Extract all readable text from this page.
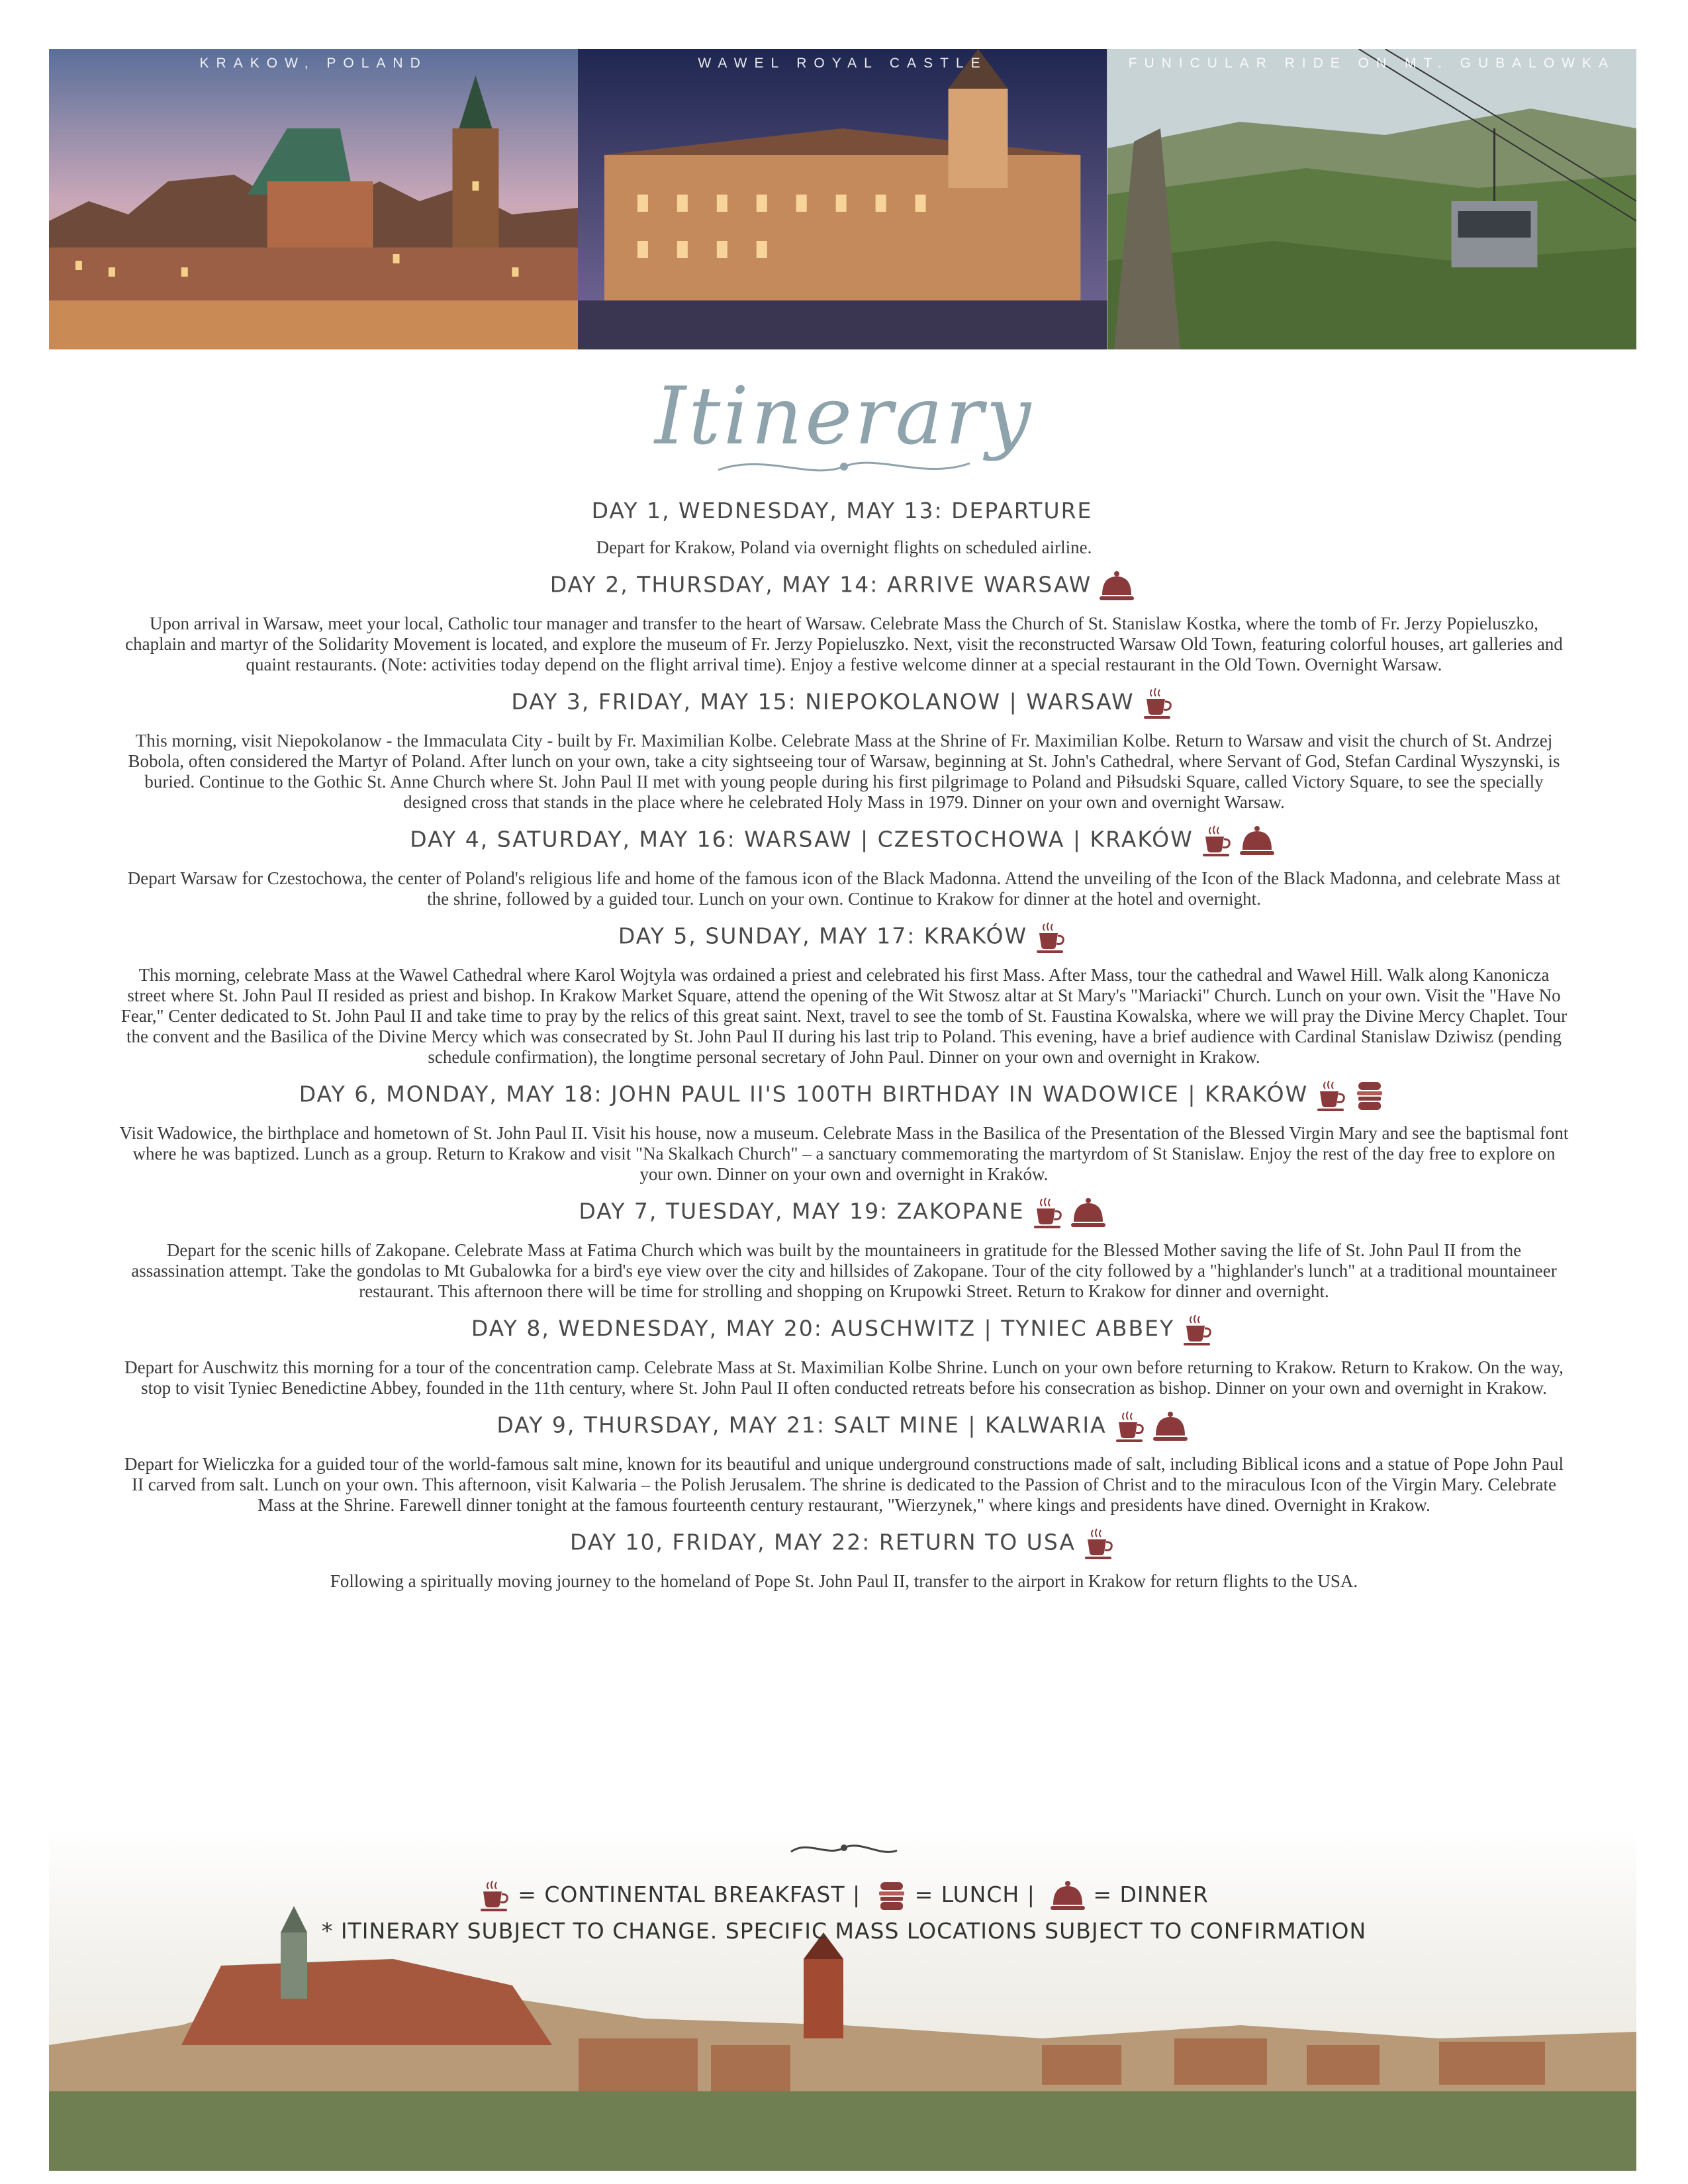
KRAKOW, POLAND	WAWEL ROYAL CASTLE	FUNICULAR RIDE ON MT. GUBALOWKA
Itinerary
DAY 1, WEDNESDAY, MAY 13: DEPARTURE

Depart for Krakow, Poland via overnight flights on scheduled airline.

DAY 2, THURSDAY, MAY 14: ARRIVE WARSAW

Upon arrival in Warsaw, meet your local, Catholic tour manager and transfer to the heart of Warsaw. Celebrate Mass the Church of St. Stanislaw Kostka, where the tomb of Fr. Jerzy Popieluszko, chaplain and martyr of the Solidarity Movement is located, and explore the museum of Fr. Jerzy Popieluszko. Next, visit the reconstructed Warsaw Old Town, featuring colorful houses, art galleries and quaint restaurants. (Note: activities today depend on the flight arrival time). Enjoy a festive welcome dinner at a special restaurant in the Old Town. Overnight Warsaw.

DAY 3, FRIDAY, MAY 15: NIEPOKOLANOW | WARSAW

This morning, visit Niepokolanow - the Immaculata City - built by Fr. Maximilian Kolbe. Celebrate Mass at the Shrine of Fr. Maximilian Kolbe. Return to Warsaw and visit the church of St. Andrzej Bobola, often considered the Martyr of Poland. After lunch on your own, take a city sightseeing tour of Warsaw, beginning at St. John's Cathedral, where Servant of God, Stefan Cardinal Wyszynski, is buried. Continue to the Gothic St. Anne Church where St. John Paul II met with young people during his first pilgrimage to Poland and Piłsudski Square, called Victory Square, to see the specially designed cross that stands in the place where he celebrated Holy Mass in 1979. Dinner on your own and overnight Warsaw.

DAY 4, SATURDAY, MAY 16: WARSAW | CZESTOCHOWA | KRAKÓW

Depart Warsaw for Czestochowa, the center of Poland's religious life and home of the famous icon of the Black Madonna. Attend the unveiling of the Icon of the Black Madonna, and celebrate Mass at the shrine, followed by a guided tour. Lunch on your own. Continue to Krakow for dinner at the hotel and overnight.

DAY 5, SUNDAY, MAY 17: KRAKÓW

This morning, celebrate Mass at the Wawel Cathedral where Karol Wojtyla was ordained a priest and celebrated his first Mass. After Mass, tour the cathedral and Wawel Hill. Walk along Kanonicza street where St. John Paul II resided as priest and bishop. In Krakow Market Square, attend the opening of the Wit Stwosz altar at St Mary's "Mariacki" Church. Lunch on your own. Visit the "Have No Fear," Center dedicated to St. John Paul II and take time to pray by the relics of this great saint. Next, travel to see the tomb of St. Faustina Kowalska, where we will pray the Divine Mercy Chaplet. Tour the convent and the Basilica of the Divine Mercy which was consecrated by St. John Paul II during his last trip to Poland. This evening, have a brief audience with Cardinal Stanislaw Dziwisz (pending schedule confirmation), the longtime personal secretary of John Paul. Dinner on your own and overnight in Krakow.

DAY 6, MONDAY, MAY 18: JOHN PAUL II'S 100TH BIRTHDAY IN WADOWICE | KRAKÓW

Visit Wadowice, the birthplace and hometown of St. John Paul II. Visit his house, now a museum. Celebrate Mass in the Basilica of the Presentation of the Blessed Virgin Mary and see the baptismal font where he was baptized. Lunch as a group. Return to Krakow and visit "Na Skalkach Church" – a sanctuary commemorating the martyrdom of St Stanislaw. Enjoy the rest of the day free to explore on your own. Dinner on your own and overnight in Kraków.

DAY 7, TUESDAY, MAY 19: ZAKOPANE

Depart for the scenic hills of Zakopane. Celebrate Mass at Fatima Church which was built by the mountaineers in gratitude for the Blessed Mother saving the life of St. John Paul II from the assassination attempt. Take the gondolas to Mt Gubalowka for a bird's eye view over the city and hillsides of Zakopane. Tour of the city followed by a "highlander's lunch" at a traditional mountaineer restaurant. This afternoon there will be time for strolling and shopping on Krupowki Street. Return to Krakow for dinner and overnight.

DAY 8, WEDNESDAY, MAY 20: AUSCHWITZ | TYNIEC ABBEY

Depart for Auschwitz this morning for a tour of the concentration camp. Celebrate Mass at St. Maximilian Kolbe Shrine. Lunch on your own before returning to Krakow. Return to Krakow. On the way, stop to visit Tyniec Benedictine Abbey, founded in the 11th century, where St. John Paul II often conducted retreats before his consecration as bishop. Dinner on your own and overnight in Krakow.

DAY 9, THURSDAY, MAY 21: SALT MINE | KALWARIA

Depart for Wieliczka for a guided tour of the world-famous salt mine, known for its beautiful and unique underground constructions made of salt, including Biblical icons and a statue of Pope John Paul II carved from salt. Lunch on your own. This afternoon, visit Kalwaria – the Polish Jerusalem. The shrine is dedicated to the Passion of Christ and to the miraculous Icon of the Virgin Mary. Celebrate Mass at the Shrine. Farewell dinner tonight at the famous fourteenth century restaurant, "Wierzynek," where kings and presidents have dined. Overnight in Krakow.

DAY 10, FRIDAY, MAY 22: RETURN TO USA

Following a spiritually moving journey to the homeland of Pope St. John Paul II, transfer to the airport in Krakow for return flights to the USA.

= CONTINENTAL BREAKFAST | = LUNCH |	= DINNER
* ITINERARY SUBJECT TO CHANGE. SPECIFIC MASS LOCATIONS SUBJECT TO CONFIRMATION
